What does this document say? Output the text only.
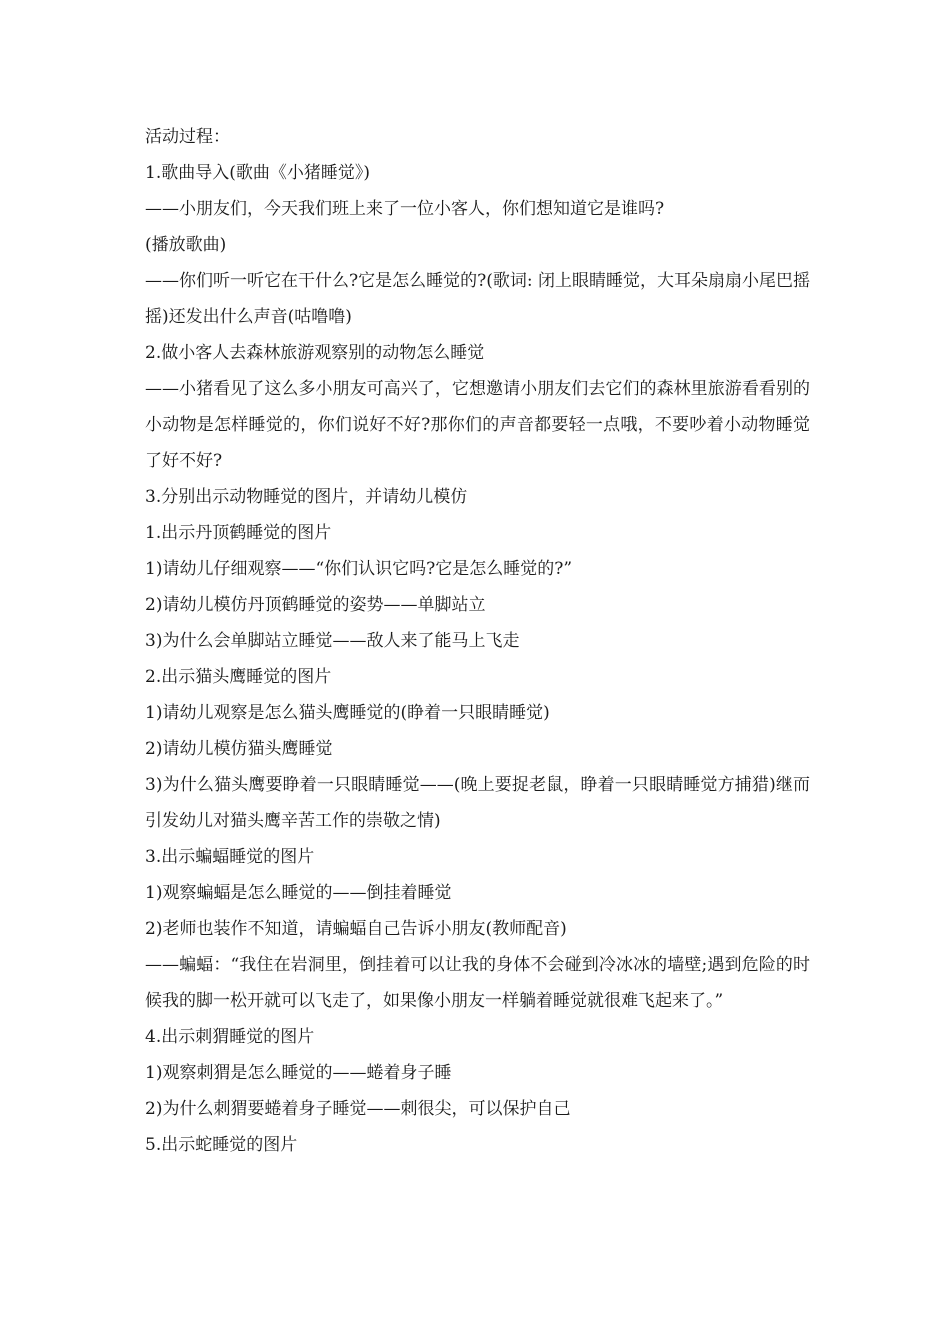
活动过程：

1.歌曲导入(歌曲《小猪睡觉》)

——小朋友们，今天我们班上来了一位小客人，你们想知道它是谁吗?

(播放歌曲)

——你们听一听它在干什么?它是怎么睡觉的?(歌词: 闭上眼睛睡觉，大耳朵扇扇小尾巴摇摇)还发出什么声音(咕噜噜)

2.做小客人去森林旅游观察别的动物怎么睡觉

——小猪看见了这么多小朋友可高兴了，它想邀请小朋友们去它们的森林里旅游看看别的小动物是怎样睡觉的，你们说好不好?那你们的声音都要轻一点哦，不要吵着小动物睡觉了好不好?

3.分别出示动物睡觉的图片，并请幼儿模仿

1.出示丹顶鹤睡觉的图片

1)请幼儿仔细观察——“你们认识它吗?它是怎么睡觉的?”

2)请幼儿模仿丹顶鹤睡觉的姿势——单脚站立

3)为什么会单脚站立睡觉——敌人来了能马上飞走

2.出示猫头鹰睡觉的图片

1)请幼儿观察是怎么猫头鹰睡觉的(睁着一只眼睛睡觉)

2)请幼儿模仿猫头鹰睡觉

3)为什么猫头鹰要睁着一只眼睛睡觉——(晚上要捉老鼠，睁着一只眼睛睡觉方捕猎)继而引发幼儿对猫头鹰辛苦工作的崇敬之情)

3.出示蝙蝠睡觉的图片

1)观察蝙蝠是怎么睡觉的——倒挂着睡觉

2)老师也装作不知道，请蝙蝠自己告诉小朋友(教师配音)

——蝙蝠：“我住在岩洞里，倒挂着可以让我的身体不会碰到冷冰冰的墙壁;遇到危险的时候我的脚一松开就可以飞走了，如果像小朋友一样躺着睡觉就很难飞起来了。”

4.出示刺猬睡觉的图片

1)观察刺猬是怎么睡觉的——蜷着身子睡

2)为什么刺猬要蜷着身子睡觉——刺很尖，可以保护自己

5.出示蛇睡觉的图片
